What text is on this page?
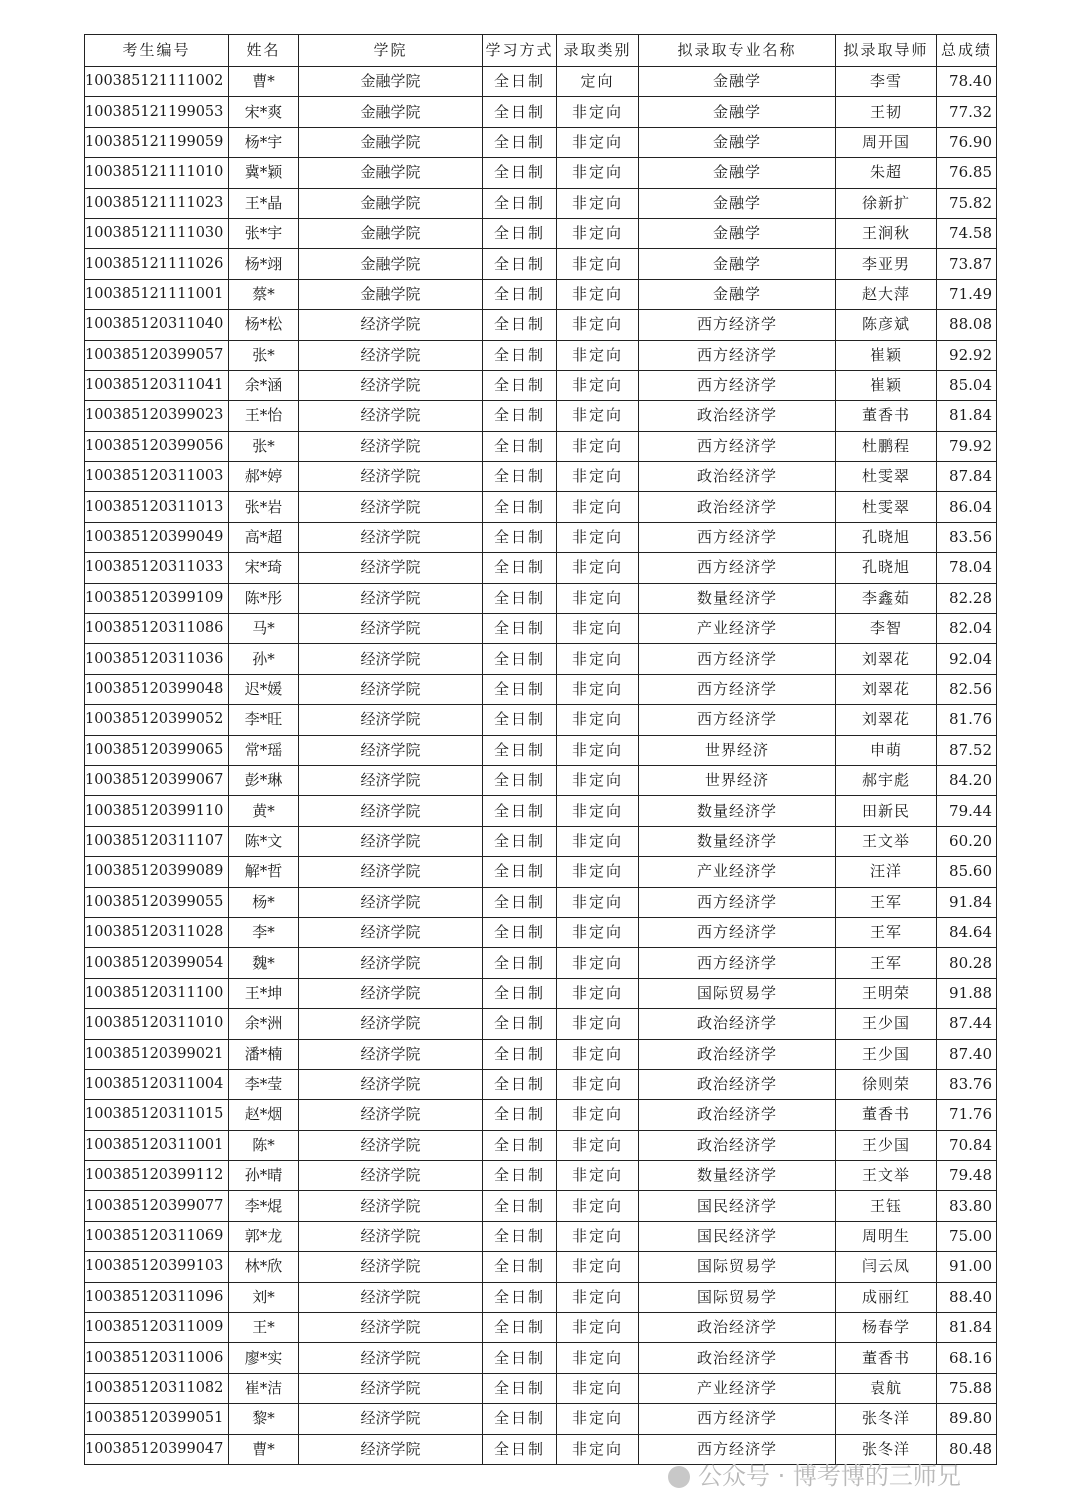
考生编号	姓名	学院	学习方式	录取类别	拟录取专业名称	拟录取导师	总成绩
100385121111002	曹*	金融学院	全日制	定向	金融学	李雪	78.40
100385121199053	宋*爽	金融学院	全日制	非定向	金融学	王韧	77.32
100385121199059	杨*宇	金融学院	全日制	非定向	金融学	周开国	76.90
100385121111010	冀*颖	金融学院	全日制	非定向	金融学	朱超	76.85
100385121111023	王*晶	金融学院	全日制	非定向	金融学	徐新扩	75.82
100385121111030	张*宇	金融学院	全日制	非定向	金融学	王涧秋	74.58
100385121111026	杨*翊	金融学院	全日制	非定向	金融学	李亚男	73.87
100385121111001	蔡*	金融学院	全日制	非定向	金融学	赵大萍	71.49
100385120311040	杨*松	经济学院	全日制	非定向	西方经济学	陈彦斌	88.08
100385120399057	张*	经济学院	全日制	非定向	西方经济学	崔颖	92.92
100385120311041	余*涵	经济学院	全日制	非定向	西方经济学	崔颖	85.04
100385120399023	王*怡	经济学院	全日制	非定向	政治经济学	董香书	81.84
100385120399056	张*	经济学院	全日制	非定向	西方经济学	杜鹏程	79.92
100385120311003	郝*婷	经济学院	全日制	非定向	政治经济学	杜雯翠	87.84
100385120311013	张*岩	经济学院	全日制	非定向	政治经济学	杜雯翠	86.04
100385120399049	高*超	经济学院	全日制	非定向	西方经济学	孔晓旭	83.56
100385120311033	宋*琦	经济学院	全日制	非定向	西方经济学	孔晓旭	78.04
100385120399109	陈*彤	经济学院	全日制	非定向	数量经济学	李鑫茹	82.28
100385120311086	马*	经济学院	全日制	非定向	产业经济学	李智	82.04
100385120311036	孙*	经济学院	全日制	非定向	西方经济学	刘翠花	92.04
100385120399048	迟*媛	经济学院	全日制	非定向	西方经济学	刘翠花	82.56
100385120399052	李*旺	经济学院	全日制	非定向	西方经济学	刘翠花	81.76
100385120399065	常*瑶	经济学院	全日制	非定向	世界经济	申萌	87.52
100385120399067	彭*琳	经济学院	全日制	非定向	世界经济	郝宇彪	84.20
100385120399110	黄*	经济学院	全日制	非定向	数量经济学	田新民	79.44
100385120311107	陈*文	经济学院	全日制	非定向	数量经济学	王文举	60.20
100385120399089	解*哲	经济学院	全日制	非定向	产业经济学	汪洋	85.60
100385120399055	杨*	经济学院	全日制	非定向	西方经济学	王军	91.84
100385120311028	李*	经济学院	全日制	非定向	西方经济学	王军	84.64
100385120399054	魏*	经济学院	全日制	非定向	西方经济学	王军	80.28
100385120311100	王*坤	经济学院	全日制	非定向	国际贸易学	王明荣	91.88
100385120311010	余*洲	经济学院	全日制	非定向	政治经济学	王少国	87.44
100385120399021	潘*楠	经济学院	全日制	非定向	政治经济学	王少国	87.40
100385120311004	李*莹	经济学院	全日制	非定向	政治经济学	徐则荣	83.76
100385120311015	赵*烟	经济学院	全日制	非定向	政治经济学	董香书	71.76
100385120311001	陈*	经济学院	全日制	非定向	政治经济学	王少国	70.84
100385120399112	孙*晴	经济学院	全日制	非定向	数量经济学	王文举	79.48
100385120399077	李*焜	经济学院	全日制	非定向	国民经济学	王钰	83.80
100385120311069	郭*龙	经济学院	全日制	非定向	国民经济学	周明生	75.00
100385120399103	林*欣	经济学院	全日制	非定向	国际贸易学	闫云凤	91.00
100385120311096	刘*	经济学院	全日制	非定向	国际贸易学	成丽红	88.40
100385120311009	王*	经济学院	全日制	非定向	政治经济学	杨春学	81.84
100385120311006	廖*实	经济学院	全日制	非定向	政治经济学	董香书	68.16
100385120311082	崔*洁	经济学院	全日制	非定向	产业经济学	袁航	75.88
100385120399051	黎*	经济学院	全日制	非定向	西方经济学	张冬洋	89.80
100385120399047	曹*	经济学院	全日制	非定向	西方经济学	张冬洋	80.48
公众号 · 博考博的三师兄
